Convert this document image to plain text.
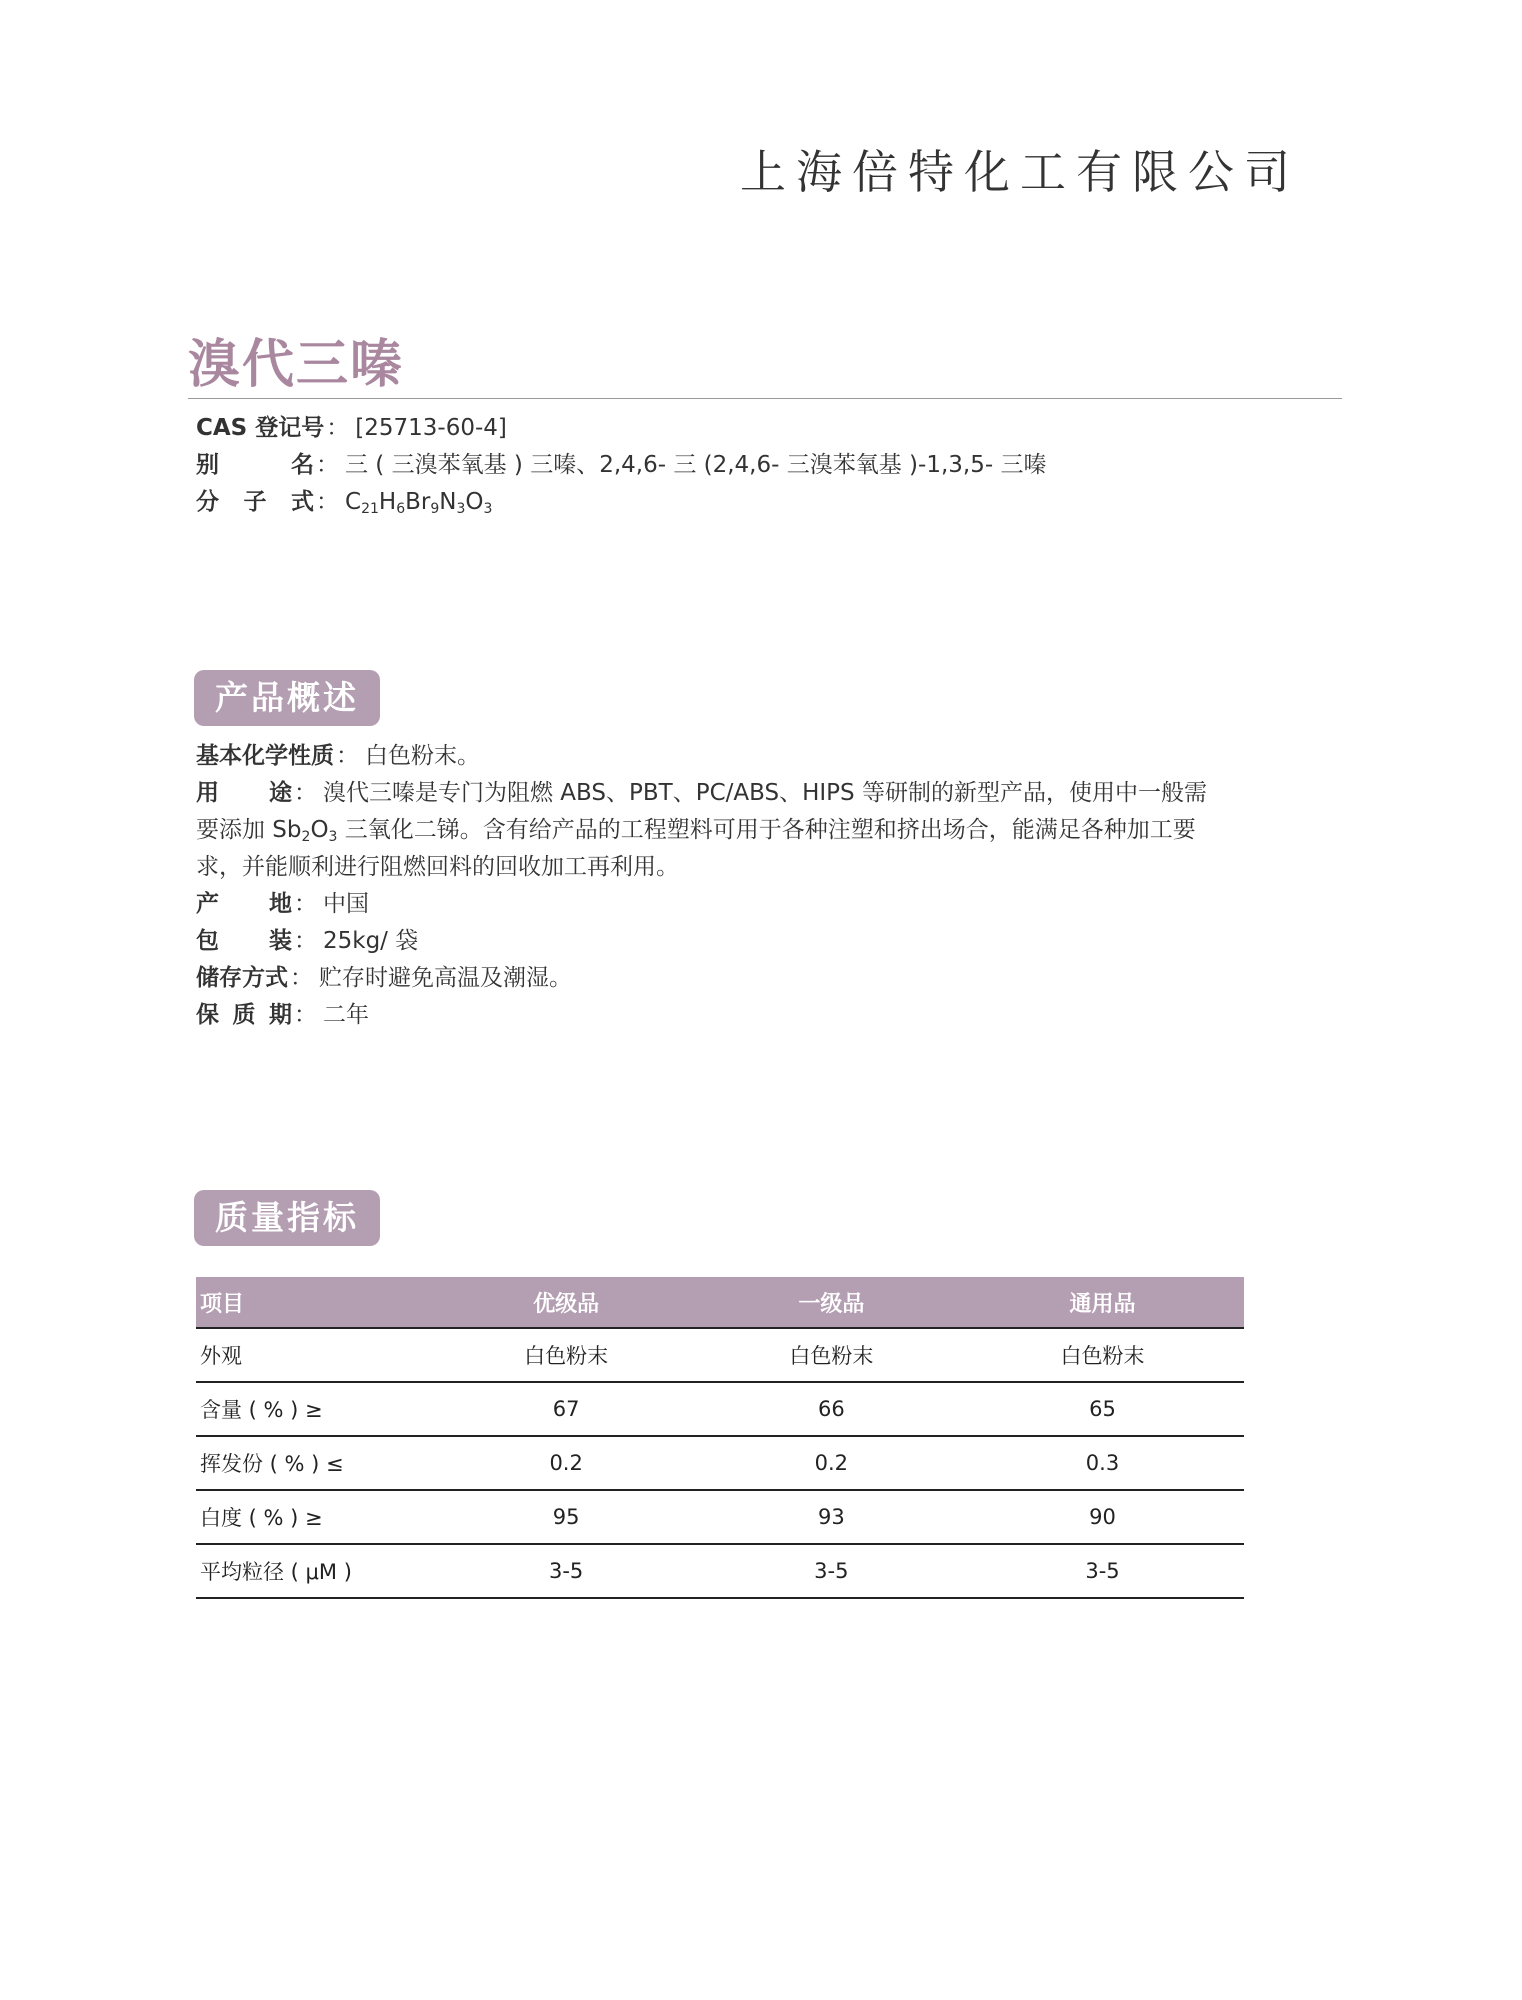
上海倍特化工有限公司
溴代三嗪
CAS 登记号： [25713-60-4]
别	名 ： 三 ( 三溴苯氧基 ) 三嗪、2,4,6- 三 (2,4,6- 三溴苯氧基 )-1,3,5- 三嗪
分 子 式 ： $C_{21}H_6Br_9N_3O_3$
产品概述

基本化学性质： 白色粉末。

用 途 ： 溴代三嗪是专门为阻燃 ABS、PBT、PC/ABS、HIPS 等研制的新型产品，使用中一般需
要添加 $Sb_2O_3$ 三氧化二锑。含有给产品的工程塑料可用于各种注塑和挤出场合，能满足各种加工要
求，并能顺利进行阻燃回料的回收加工再利用。

产 地 ： 中国

包 装 ： 25kg/ 袋

储存方式： 贮存时避免高温及潮湿。

保 质 期 ： 二年

质量指标
项目	优级品	一级品	通用品
外观	白色粉末	白色粉末	白色粉末
含量 ( % ) ≥	67	66	65
挥发份 ( % ) ≤	0.2	0.2	0.3
白度 ( % ) ≥	95	93	90
平均粒径 ( μM )	3-5	3-5	3-5
